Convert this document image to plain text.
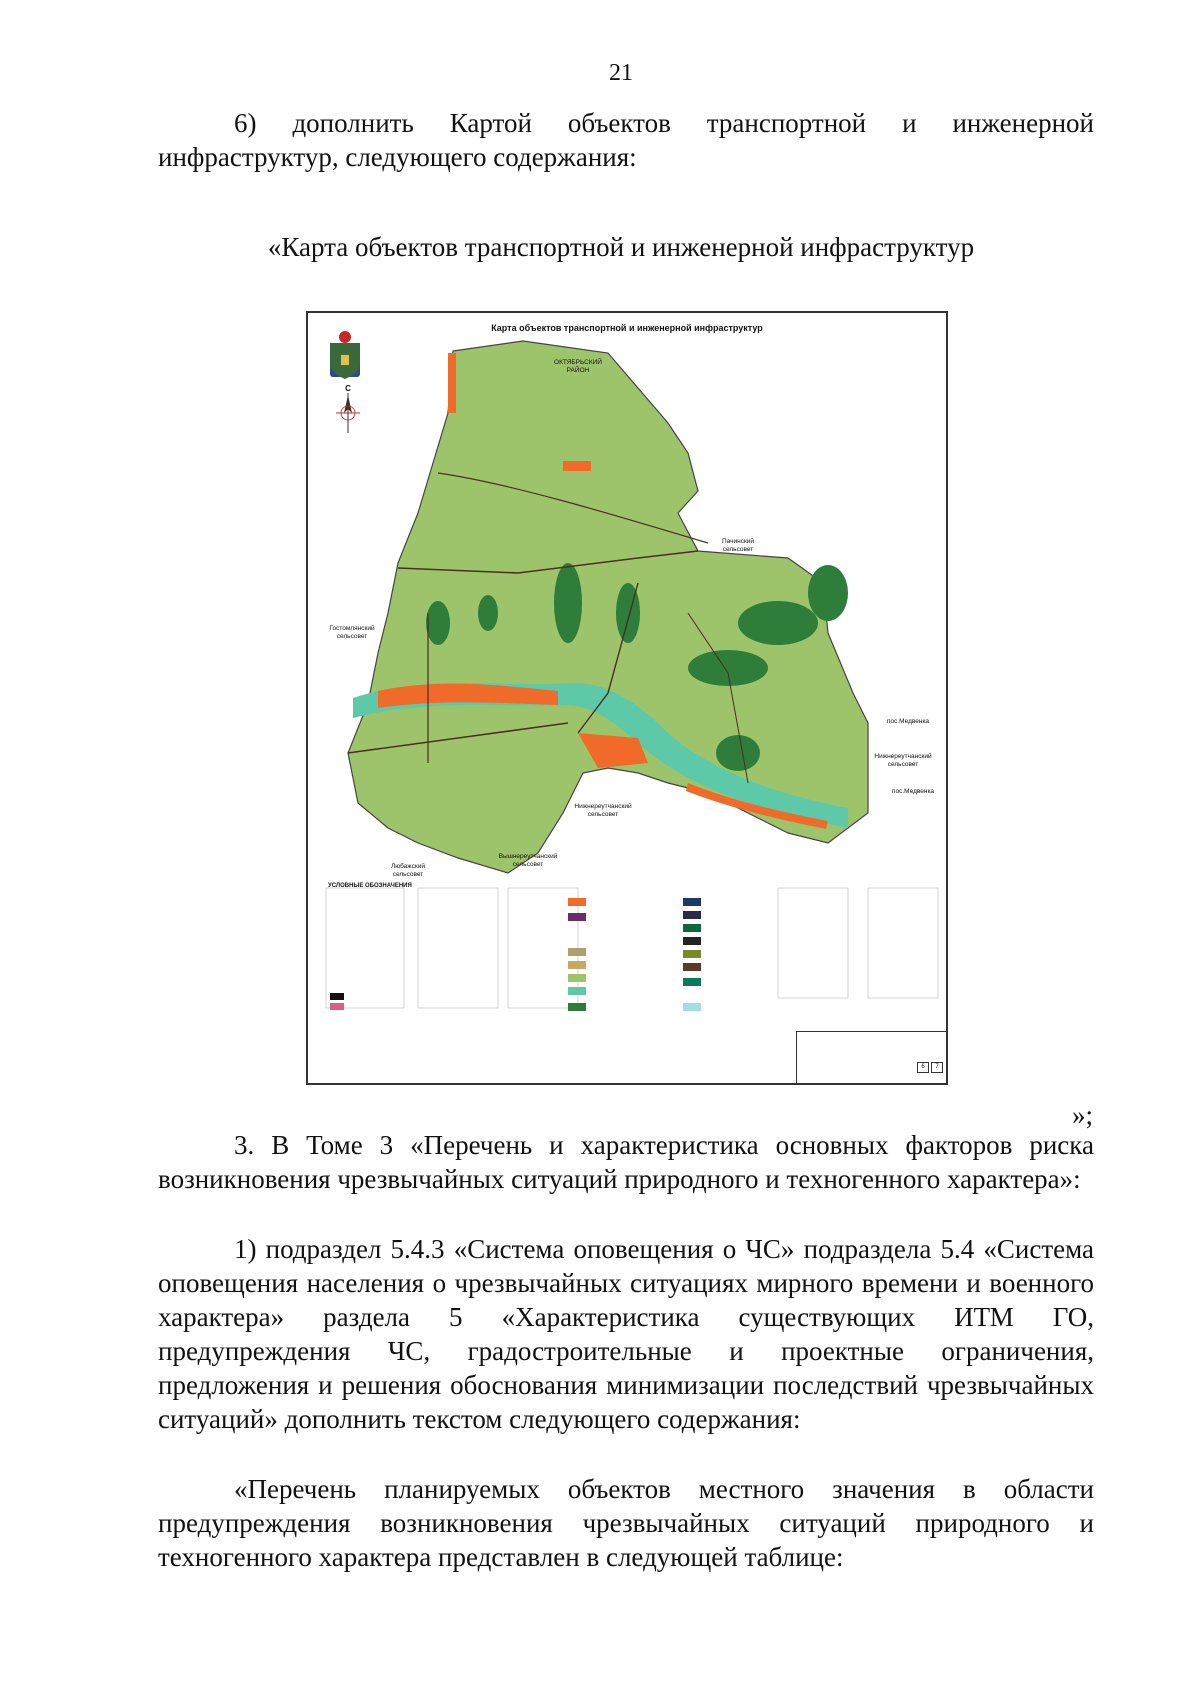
21

6) дополнить Картой объектов транспортной и инженерной инфраструктур, следующего содержания:

«Карта объектов транспортной и инженерной инфраструктур
Карта объектов транспортной и инженерной инфраструктур
С
ОКТЯБРЬСКИЙ РАЙОН
Пачинский сельсовет
Гостомлянский сельсовет
пос.Медвенка
Нижнереутчанский сельсовет
пос.Медвенка
Нижнереутчанский сельсовет
Вышнереутчанский сельсовет
Любажский сельсовет
УСЛОВНЫЕ ОБОЗНАЧЕНИЯ
6 7
»;

3. В Томе 3 «Перечень и характеристика основных факторов риска возникновения чрезвычайных ситуаций природного и техногенного характера»:

1) подраздел 5.4.3 «Система оповещения о ЧС» подраздела 5.4 «Система оповещения населения о чрезвычайных ситуациях мирного времени и военного характера» раздела 5 «Характеристика существующих ИТМ ГО, предупреждения ЧС, градостроительные и проектные ограничения, предложения и решения обоснования минимизации последствий чрезвычайных ситуаций» дополнить текстом следующего содержания:

«Перечень планируемых объектов местного значения в области предупреждения возникновения чрезвычайных ситуаций природного и техногенного характера представлен в следующей таблице:
